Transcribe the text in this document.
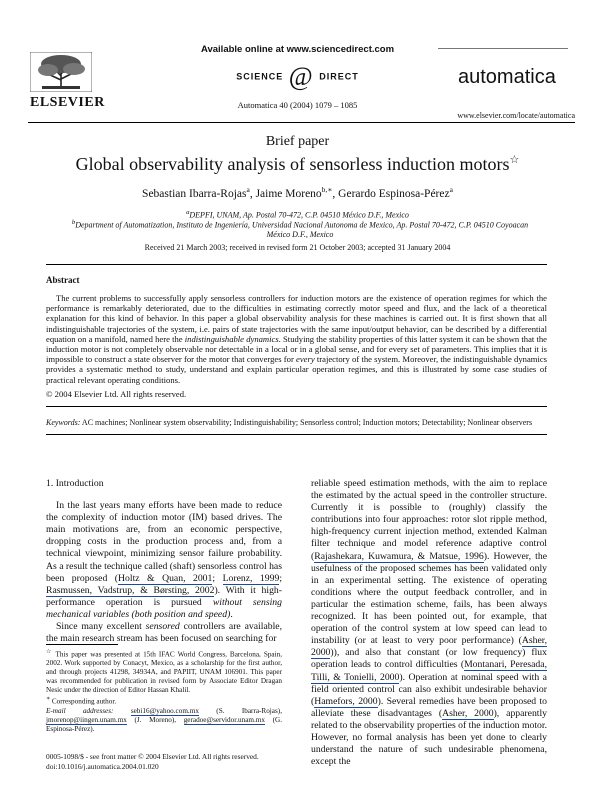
ELSEVIER
Available online at www.sciencedirect.com
SCIENCE @ DIRECT
Automatica 40 (2004) 1079 – 1085
automatica
www.elsevier.com/locate/automatica
Brief paper
Global observability analysis of sensorless induction motors☆
Sebastian Ibarra-Rojas$^a$, Jaime Moreno$^{b,∗}$, Gerardo Espinosa-Pérez$^a$
$^a$DEPFI, UNAM, Ap. Postal 70-472, C.P. 04510 México D.F., Mexico
$^b$Department of Automatization, Instituto de Ingeniería, Universidad Nacional Autonoma de Mexico, Ap. Postal 70-472, C.P. 04510 Coyoacan México D.F., Mexico
Received 21 March 2003; received in revised form 21 October 2003; accepted 31 January 2004
Abstract
The current problems to successfully apply sensorless controllers for induction motors are the existence of operation regimes for which the performance is remarkably deteriorated, due to the difficulties in estimating correctly motor speed and flux, and the lack of a theoretical explanation for this kind of behavior. In this paper a global observability analysis for these machines is carried out. It is first shown that all indistinguishable trajectories of the system, i.e. pairs of state trajectories with the same input/output behavior, can be described by a differential equation on a manifold, named here the indistinguishable dynamics. Studying the stability properties of this latter system it can be shown that the induction motor is not completely observable nor detectable in a local or in a global sense, and for every set of parameters. This implies that it is impossible to construct a state observer for the motor that converges for every trajectory of the system. Moreover, the indistinguishable dynamics provides a systematic method to study, understand and explain particular operation regimes, and this is illustrated by some case studies of practical relevant operating conditions.
© 2004 Elsevier Ltd. All rights reserved.
Keywords: AC machines; Nonlinear system observability; Indistinguishability; Sensorless control; Induction motors; Detectability; Nonlinear observers
1. Introduction
In the last years many efforts have been made to reduce the complexity of induction motor (IM) based drives. The main motivations are, from an economic perspective, dropping costs in the production process and, from a technical viewpoint, minimizing sensor failure probability. As a result the technique called (shaft) sensorless control has been proposed (Holtz & Quan, 2001; Lorenz, 1999; Rasmussen, Vadstrup, & Børsting, 2002). With it high-performance operation is pursued without sensing mechanical variables (both position and speed).
Since many excellent sensored controllers are available, the main research stream has been focused on searching for
☆ This paper was presented at 15th IFAC World Congress, Barcelona, Spain, 2002. Work supported by Conacyt, Mexico, as a scholarship for the first author, and through projects 41298, 34934A, and PAPIIT, UNAM 106901. This paper was recommended for publication in revised form by Associate Editor Dragan Nesic under the direction of Editor Hassan Khalil.
∗ Corresponding author.
E-mail addresses: sebi16@yahoo.com.mx (S. Ibarra-Rojas), jmorenop@iingen.unam.mx (J. Moreno), geradoe@servidor.unam.mx (G. Espinosa-Pérez).
0005-1098/$ - see front matter © 2004 Elsevier Ltd. All rights reserved.
doi:10.1016/j.automatica.2004.01.020
reliable speed estimation methods, with the aim to replace the estimated by the actual speed in the controller structure. Currently it is possible to (roughly) classify the contributions into four approaches: rotor slot ripple method, high-frequency current injection method, extended Kalman filter technique and model reference adaptive control (Rajashekara, Kuwamura, & Matsue, 1996). However, the usefulness of the proposed schemes has been validated only in an experimental setting. The existence of operating conditions where the output feedback controller, and in particular the estimation scheme, fails, has been always recognized. It has been pointed out, for example, that operation of the control system at low speed can lead to instability (or at least to very poor performance) (Asher, 2000)), and also that constant (or low frequency) flux operation leads to control difficulties (Montanari, Peresada, Tilli, & Tonielli, 2000). Operation at nominal speed with a field oriented control can also exhibit undesirable behavior (Hamefors, 2000). Several remedies have been proposed to alleviate these disadvantages (Asher, 2000), apparently related to the observability properties of the induction motor. However, no formal analysis has been yet done to clearly understand the nature of such undesirable phenomena, except the
